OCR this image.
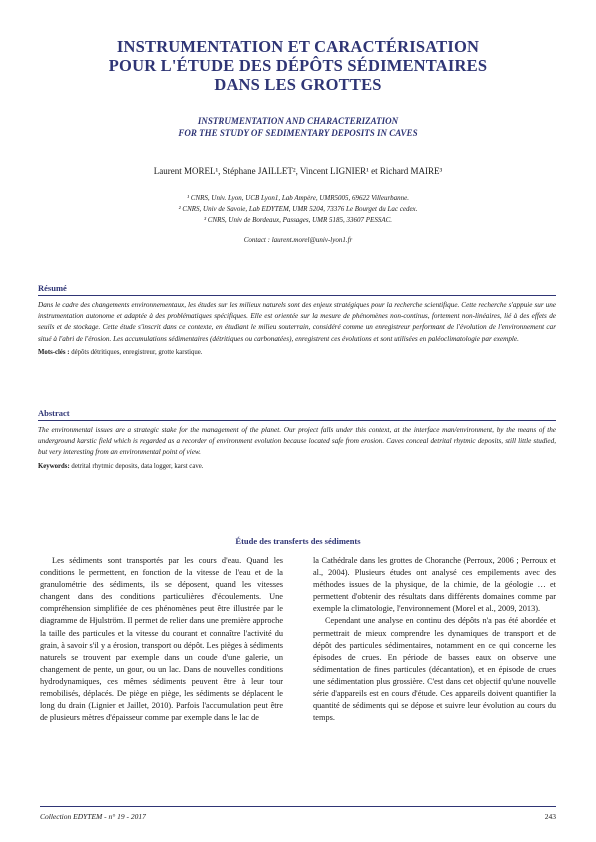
INSTRUMENTATION ET CARACTÉRISATION
POUR L'ÉTUDE DES DÉPÔTS SÉDIMENTAIRES
DANS LES GROTTES
INSTRUMENTATION AND CHARACTERIZATION
FOR THE STUDY OF SEDIMENTARY DEPOSITS IN CAVES
Laurent MOREL¹, Stéphane JAILLET², Vincent LIGNIER¹ et Richard MAIRE³
¹ CNRS, Univ. Lyon, UCB Lyon1, Lab Ampère, UMR5005, 69622 Villeurbanne.
² CNRS, Univ de Savoie, Lab EDYTEM, UMR 5204, 73376 Le Bourget du Lac cedex.
³ CNRS, Univ de Bordeaux, Passages, UMR 5185, 33607 PESSAC.
Contact : laurent.morel@univ-lyon1.fr
Résumé

Dans le cadre des changements environnementaux, les études sur les milieux naturels sont des enjeux stratégiques pour la recherche scientifique. Cette recherche s'appuie sur une instrumentation autonome et adaptée à des problématiques spécifiques. Elle est orientée sur la mesure de phénomènes non-continus, fortement non-linéaires, lié à des effets de seuils et de stockage. Cette étude s'inscrit dans ce contexte, en étudiant le milieu souterrain, considéré comme un enregistreur performant de l'évolution de l'environnement car situé à l'abri de l'érosion. Les accumulations sédimentaires (détritiques ou carbonatées), enregistrent ces évolutions et sont utilisées en paléoclimatologie par exemple.

Mots-clés : dépôts détritiques, enregistreur, grotte karstique.
Abstract

The environmental issues are a strategic stake for the management of the planet. Our project falls under this context, at the interface man/environment, by the means of the underground karstic field which is regarded as a recorder of environment evolution because located safe from erosion. Caves conceal detrital rhytmic deposits, still little studied, but very interesting from an environmental point of view.

Keywords: detrital rhytmic deposits, data logger, karst cave.
Étude des transferts des sédiments

Les sédiments sont transportés par les cours d'eau. Quand les conditions le permettent, en fonction de la vitesse de l'eau et de la granulométrie des sédiments, ils se déposent, quand les vitesses changent dans des conditions particulières d'écoulements. Une compréhension simplifiée de ces phénomènes peut être illustrée par le diagramme de Hjulström. Il permet de relier dans une première approche la taille des particules et la vitesse du courant et connaître l'activité du grain, à savoir s'il y a érosion, transport ou dépôt. Les pièges à sédiments naturels se trouvent par exemple dans un coude d'une galerie, un changement de pente, un gour, ou un lac. Dans de nouvelles conditions hydrodynamiques, ces mêmes sédiments peuvent être à leur tour remobilisés, déplacés. De piège en piège, les sédiments se déplacent le long du drain (Lignier et Jaillet, 2010). Parfois l'accumulation peut être de plusieurs mètres d'épaisseur comme par exemple dans le lac de

la Cathédrale dans les grottes de Choranche (Perroux, 2006 ; Perroux et al., 2004). Plusieurs études ont analysé ces empilements avec des méthodes issues de la physique, de la chimie, de la géologie … et permettent d'obtenir des résultats dans différents domaines comme par exemple la climatologie, l'environnement (Morel et al., 2009, 2013).

Cependant une analyse en continu des dépôts n'a pas été abordée et permettrait de mieux comprendre les dynamiques de transport et de dépôt des particules sédimentaires, notamment en ce qui concerne les épisodes de crues. En période de basses eaux on observe une sédimentation de fines particules (décantation), et en épisode de crues une sédimentation plus grossière. C'est dans cet objectif qu'une nouvelle série d'appareils est en cours d'étude. Ces appareils doivent quantifier la quantité de sédiments qui se dépose et suivre leur évolution au cours du temps.

Collection EDYTEM - n° 19 - 2017	243
